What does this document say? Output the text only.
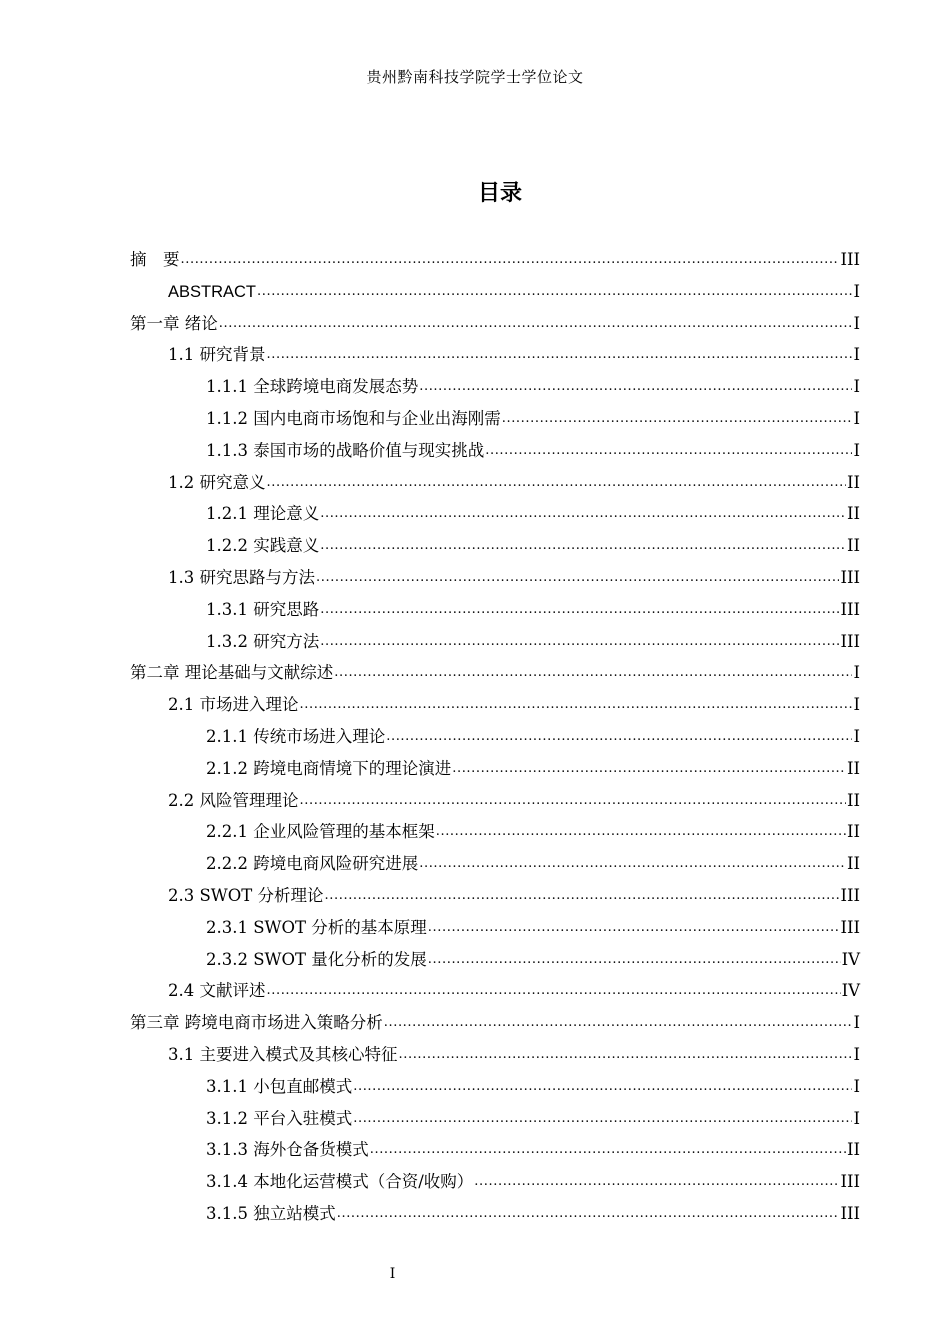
贵州黔南科技学院学士学位论文
目录
摘　要 .....	III
ABSTRACT .....	I
第一章 绪论 .....	I
1.1 研究背景 .....	I
1.1.1 全球跨境电商发展态势 .....	I
1.1.2 国内电商市场饱和与企业出海刚需 .....	I
1.1.3 泰国市场的战略价值与现实挑战 .....	I
1.2 研究意义 .....	II
1.2.1 理论意义 .....	II
1.2.2 实践意义 .....	II
1.3 研究思路与方法 .....	III
1.3.1 研究思路 .....	III
1.3.2 研究方法 .....	III
第二章 理论基础与文献综述 .....	I
2.1 市场进入理论 .....	I
2.1.1 传统市场进入理论 .....	I
2.1.2 跨境电商情境下的理论演进 .....	II
2.2 风险管理理论 .....	II
2.2.1 企业风险管理的基本框架 .....	II
2.2.2 跨境电商风险研究进展 .....	II
2.3 SWOT 分析理论 .....	III
2.3.1 SWOT 分析的基本原理 .....	III
2.3.2 SWOT 量化分析的发展 .....	IV
2.4 文献评述 .....	IV
第三章 跨境电商市场进入策略分析 .....	I
3.1 主要进入模式及其核心特征 .....	I
3.1.1 小包直邮模式 .....	I
3.1.2 平台入驻模式 .....	I
3.1.3 海外仓备货模式 .....	II
3.1.4 本地化运营模式（合资/收购） .....	III
3.1.5 独立站模式 .....	III
I
